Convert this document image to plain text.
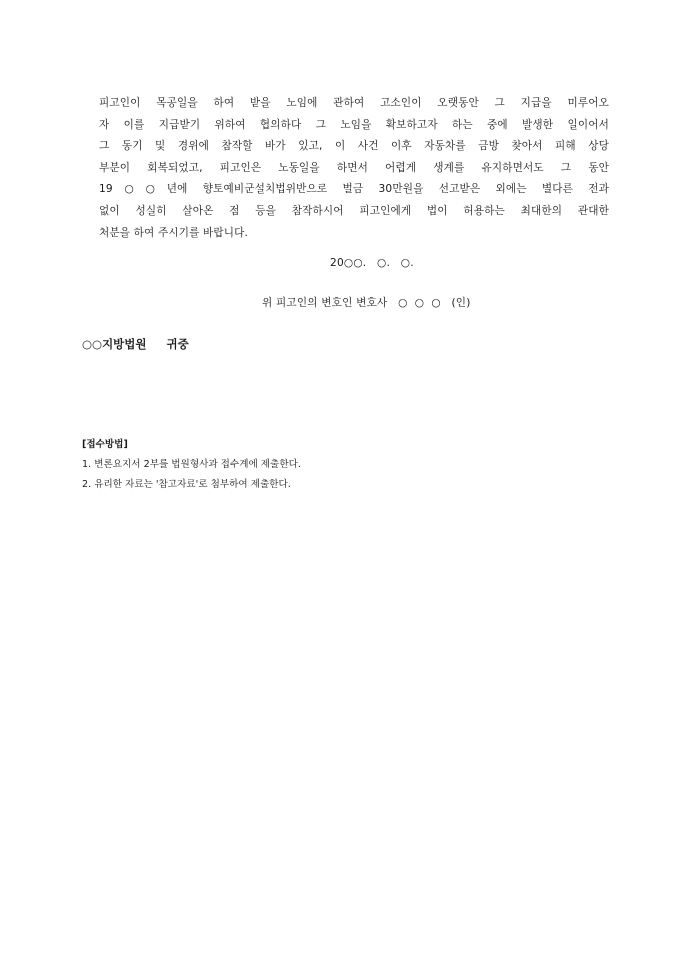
피고인이 목공일을 하여 받을 노임에 관하여 고소인이 오랫동안 그 지급을 미루어오
자 이를 지급받기 위하여 협의하다 그 노임을 확보하고자 하는 중에 발생한 일이어서
그 동기 및 경위에 참작할 바가 있고, 이 사건 이후 자동차를 금방 찾아서 피해 상당
부분이 회복되었고, 피고인은 노동일을 하면서 어렵게 생계를 유지하면서도 그 동안
19○○년에 향토예비군설치법위반으로 벌금 30만원을 선고받은 외에는 별다른 전과
없이 성실히 살아온 점 등을 참작하시어 피고인에게 법이 허용하는 최대한의 관대한
처분을 하여 주시기를 바랍니다.
20○○.   ○.   ○.
위 피고인의 변호인 변호사   ○  ○  ○   (인)
○○지방법원     귀중
[접수방법]
1. 변론요지서 2부를 법원형사과 접수계에 제출한다.
2. 유리한 자료는 '참고자료'로 첨부하여 제출한다.
